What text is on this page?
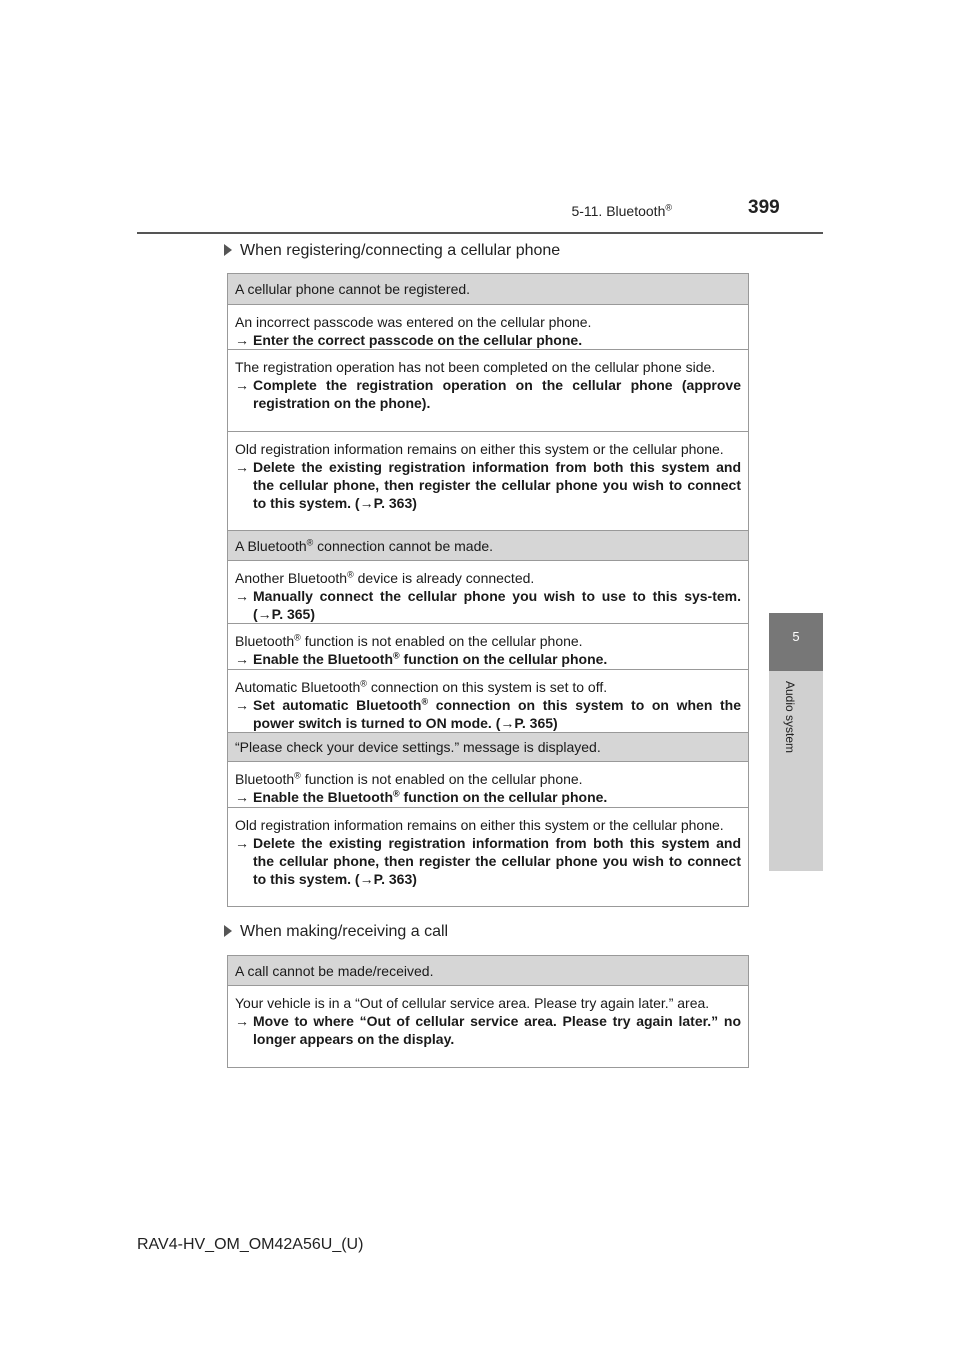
5-11. Bluetooth®	399
5
Audio system
When registering/connecting a cellular phone
A cellular phone cannot be registered.
An incorrect passcode was entered on the cellular phone.
→ Enter the correct passcode on the cellular phone.
The registration operation has not been completed on the cellular phone side.
→ Complete the registration operation on the cellular phone (approve registration on the phone).
Old registration information remains on either this system or the cellular phone.
→ Delete the existing registration information from both this system and the cellular phone, then register the cellular phone you wish to connect to this system. (→P. 363)
A Bluetooth® connection cannot be made.
Another Bluetooth® device is already connected.
→ Manually connect the cellular phone you wish to use to this sys-tem. (→P. 365)
Bluetooth® function is not enabled on the cellular phone.
→ Enable the Bluetooth® function on the cellular phone.
Automatic Bluetooth® connection on this system is set to off.
→ Set automatic Bluetooth® connection on this system to on when the power switch is turned to ON mode. (→P. 365)
“Please check your device settings.” message is displayed.
Bluetooth® function is not enabled on the cellular phone.
→ Enable the Bluetooth® function on the cellular phone.
Old registration information remains on either this system or the cellular phone.
→ Delete the existing registration information from both this system and the cellular phone, then register the cellular phone you wish to connect to this system. (→P. 363)
When making/receiving a call
A call cannot be made/received.
Your vehicle is in a “Out of cellular service area. Please try again later.” area.
→ Move to where “Out of cellular service area. Please try again later.” no longer appears on the display.
RAV4-HV_OM_OM42A56U_(U)
